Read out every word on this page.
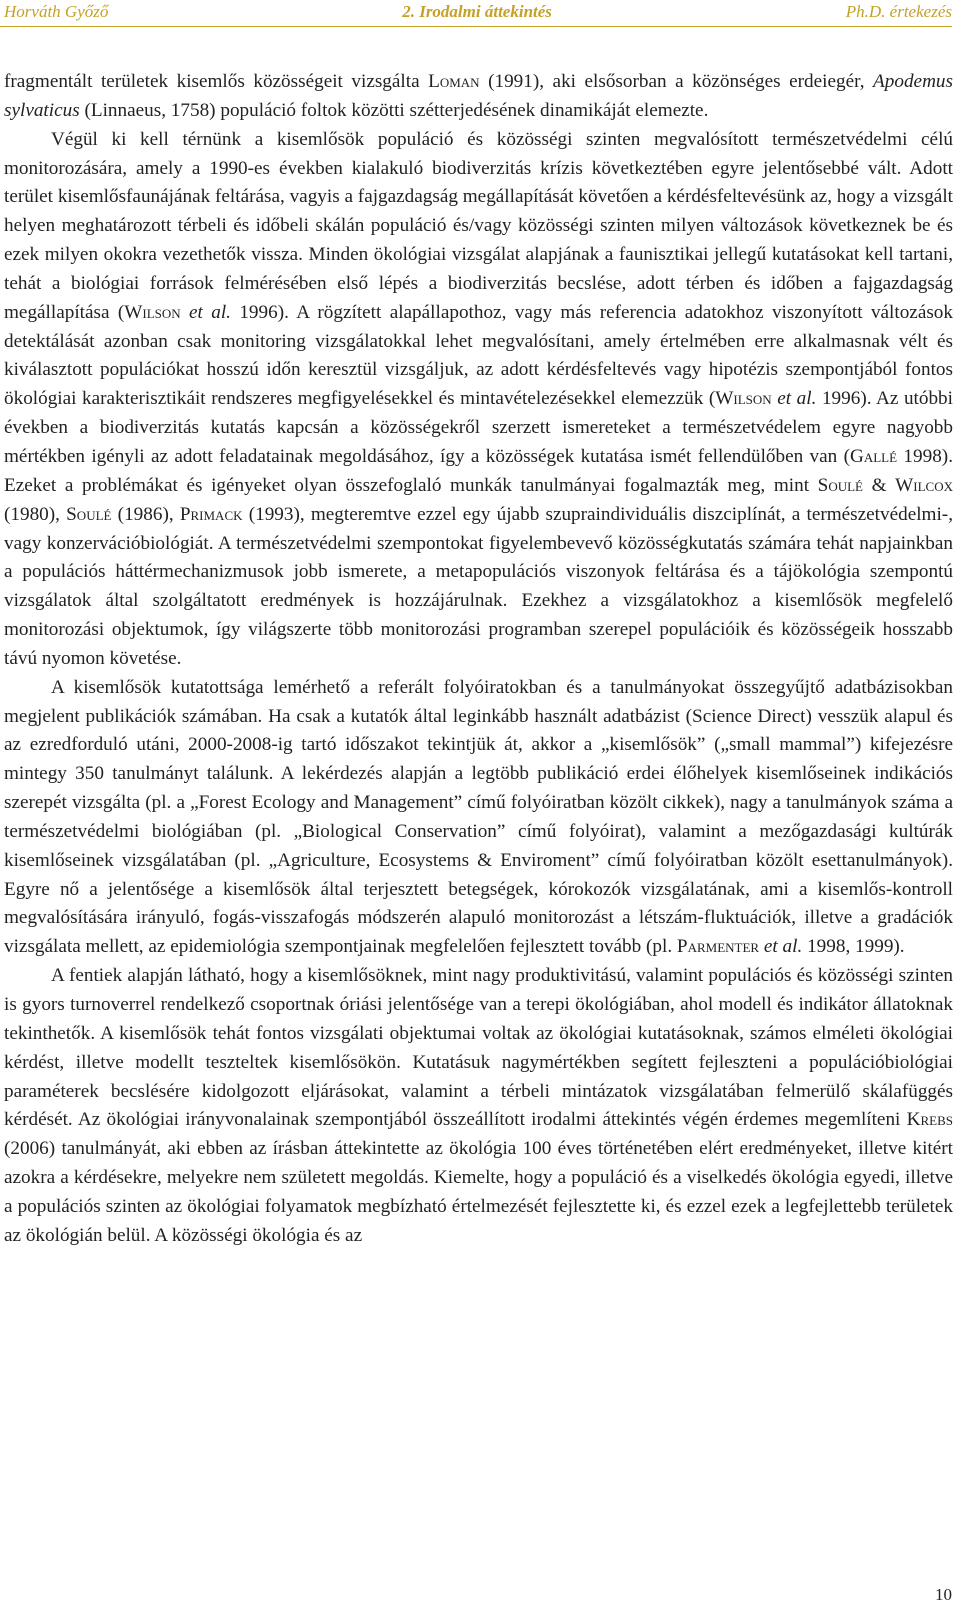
Horváth Győző	2. Irodalmi áttekintés	Ph.D. értekezés

fragmentált területek kisemlős közösségeit vizsgálta Loman (1991), aki elsősorban a közönséges erdeiegér, Apodemus sylvaticus (Linnaeus, 1758) populáció foltok közötti szétterjedésének dinamikáját elemezte.

Végül ki kell térnünk a kisemlősök populáció és közösségi szinten megvalósított természetvédelmi célú monitorozására, amely a 1990-es években kialakuló biodiverzitás krízis következtében egyre jelentősebbé vált. Adott terület kisemlősfaunájának feltárása, vagyis a fajgazdagság megállapítását követően a kérdésfeltevésünk az, hogy a vizsgált helyen meghatározott térbeli és időbeli skálán populáció és/vagy közösségi szinten milyen változások következnek be és ezek milyen okokra vezethetők vissza. Minden ökológiai vizsgálat alapjának a faunisztikai jellegű kutatásokat kell tartani, tehát a biológiai források felmérésében első lépés a biodiverzitás becslése, adott térben és időben a fajgazdagság megállapítása (Wilson et al. 1996). A rögzített alapállapothoz, vagy más referencia adatokhoz viszonyított változások detektálását azonban csak monitoring vizsgálatokkal lehet megvalósítani, amely értelmében erre alkalmasnak vélt és kiválasztott populációkat hosszú időn keresztül vizsgáljuk, az adott kérdésfeltevés vagy hipotézis szempontjából fontos ökológiai karakterisztikáit rendszeres megfigyelésekkel és mintavételezésekkel elemezzük (Wilson et al. 1996). Az utóbbi években a biodiverzitás kutatás kapcsán a közösségekről szerzett ismereteket a természetvédelem egyre nagyobb mértékben igényli az adott feladatainak megoldásához, így a közösségek kutatása ismét fellendülőben van (Gallé 1998). Ezeket a problémákat és igényeket olyan összefoglaló munkák tanulmányai fogalmazták meg, mint Soulé & Wilcox (1980), Soulé (1986), Primack (1993), megteremtve ezzel egy újabb szupraindividuális diszciplínát, a természetvédelmi-, vagy konzervációbiológiát. A természetvédelmi szempontokat figyelembevevő közösségkutatás számára tehát napjainkban a populációs háttérmechanizmusok jobb ismerete, a metapopulációs viszonyok feltárása és a tájökológia szempontú vizsgálatok által szolgáltatott eredmények is hozzájárulnak. Ezekhez a vizsgálatokhoz a kisemlősök megfelelő monitorozási objektumok, így világszerte több monitorozási programban szerepel populációik és közösségeik hosszabb távú nyomon követése.

A kisemlősök kutatottsága lemérhető a referált folyóiratokban és a tanulmányokat összegyűjtő adatbázisokban megjelent publikációk számában. Ha csak a kutatók által leginkább használt adatbázist (Science Direct) vesszük alapul és az ezredforduló utáni, 2000-2008-ig tartó időszakot tekintjük át, akkor a „kisemlősök” („small mammal”) kifejezésre mintegy 350 tanulmányt találunk. A lekérdezés alapján a legtöbb publikáció erdei élőhelyek kisemlőseinek indikációs szerepét vizsgálta (pl. a „Forest Ecology and Management” című folyóiratban közölt cikkek), nagy a tanulmányok száma a természetvédelmi biológiában (pl. „Biological Conservation” című folyóirat), valamint a mezőgazdasági kultúrák kisemlőseinek vizsgálatában (pl. „Agriculture, Ecosystems & Enviroment” című folyóiratban közölt esettanulmányok). Egyre nő a jelentősége a kisemlősök által terjesztett betegségek, kórokozók vizsgálatának, ami a kisemlős-kontroll megvalósítására irányuló, fogás-visszafogás módszerén alapuló monitorozást a létszám-fluktuációk, illetve a gradációk vizsgálata mellett, az epidemiológia szempontjainak megfelelően fejlesztett tovább (pl. Parmenter et al. 1998, 1999).

A fentiek alapján látható, hogy a kisemlősöknek, mint nagy produktivitású, valamint populációs és közösségi szinten is gyors turnoverrel rendelkező csoportnak óriási jelentősége van a terepi ökológiában, ahol modell és indikátor állatoknak tekinthetők. A kisemlősök tehát fontos vizsgálati objektumai voltak az ökológiai kutatásoknak, számos elméleti ökológiai kérdést, illetve modellt teszteltek kisemlősökön. Kutatásuk nagymértékben segített fejleszteni a populációbiológiai paraméterek becslésére kidolgozott eljárásokat, valamint a térbeli mintázatok vizsgálatában felmerülő skálafüggés kérdését. Az ökológiai irányvonalainak szempontjából összeállított irodalmi áttekintés végén érdemes megemlíteni Krebs (2006) tanulmányát, aki ebben az írásban áttekintette az ökológia 100 éves történetében elért eredményeket, illetve kitért azokra a kérdésekre, melyekre nem született megoldás. Kiemelte, hogy a populáció és a viselkedés ökológia egyedi, illetve a populációs szinten az ökológiai folyamatok megbízható értelmezését fejlesztette ki, és ezzel ezek a legfejlettebb területek az ökológián belül. A közösségi ökológia és az

10
